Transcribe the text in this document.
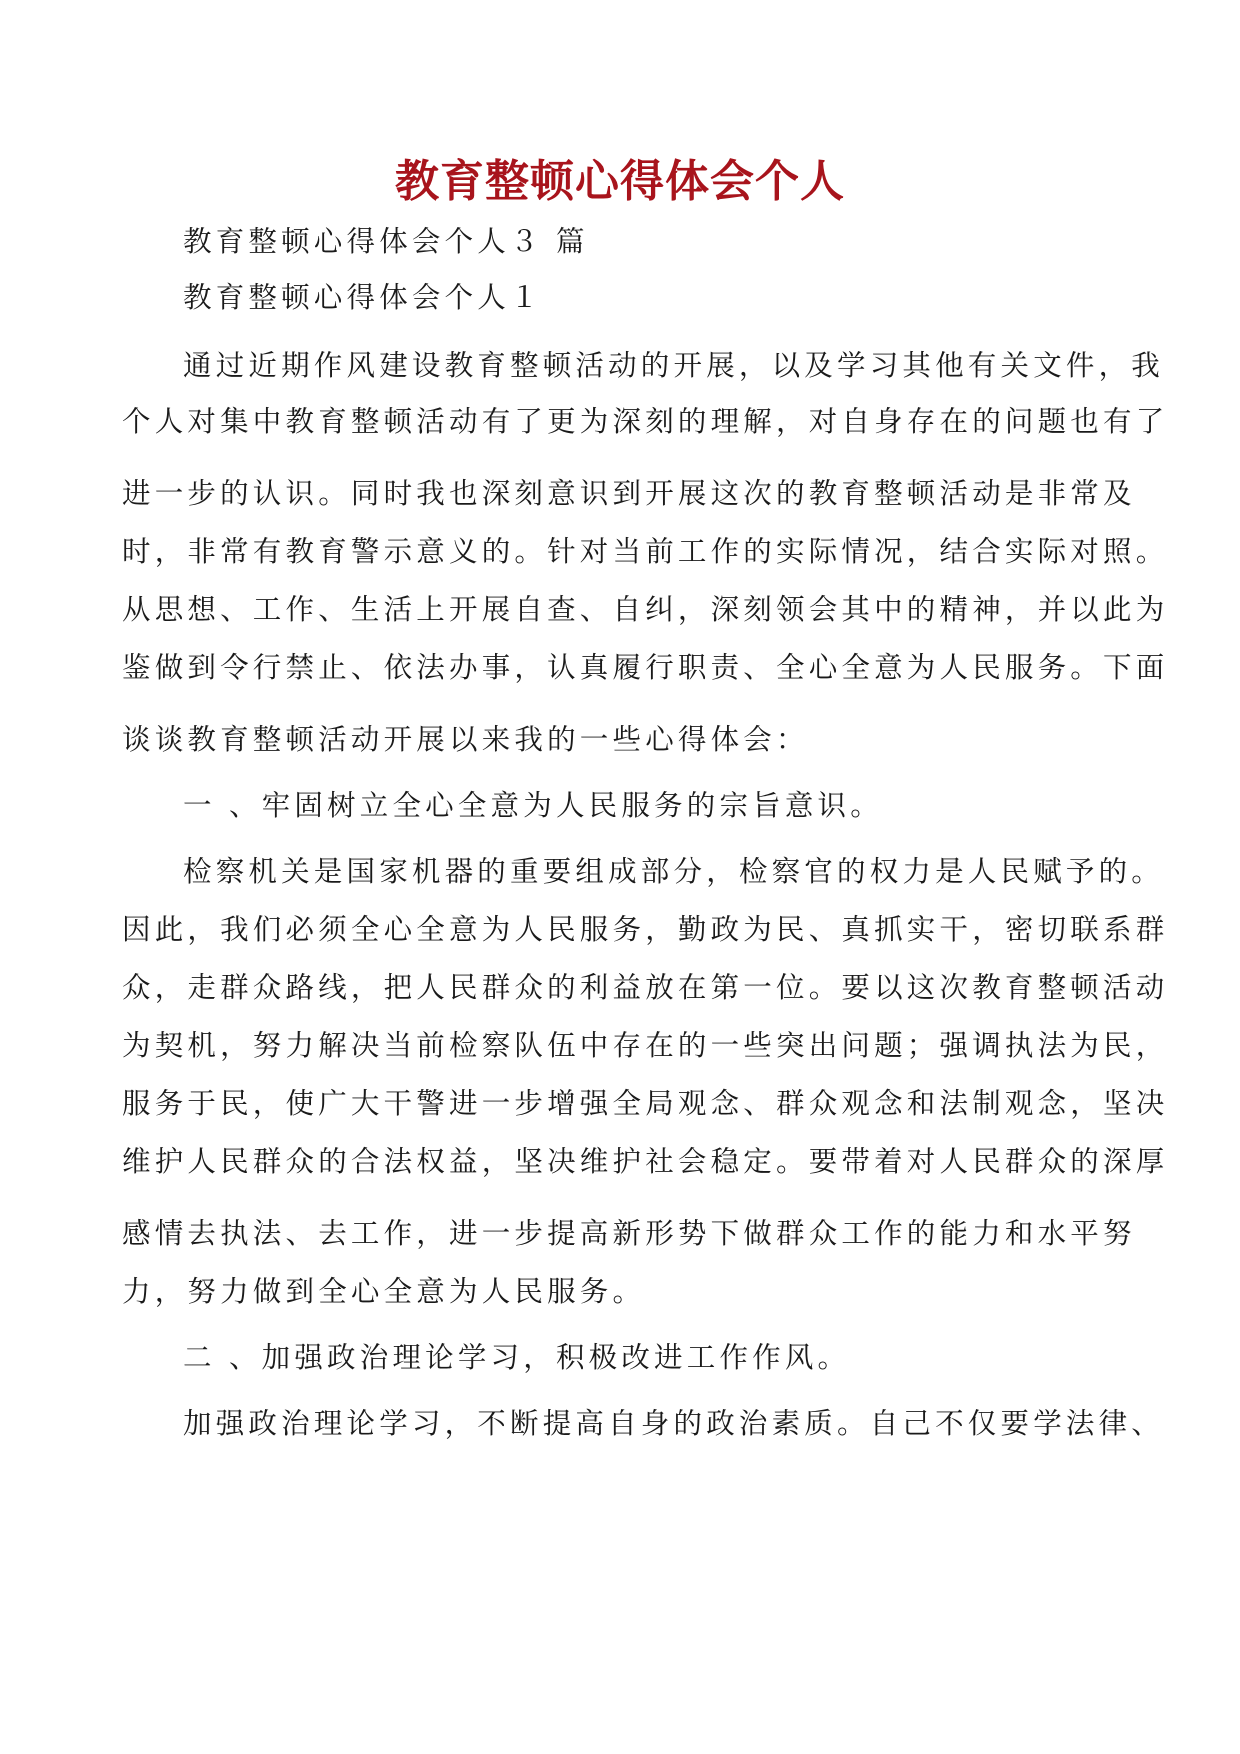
教育整顿心得体会个人
教育整顿心得体会个人３ 篇
教育整顿心得体会个人１
通过近期作风建设教育整顿活动的开展，以及学习其他有关文件，我
个人对集中教育整顿活动有了更为深刻的理解，对自身存在的问题也有了
进一步的认识。同时我也深刻意识到开展这次的教育整顿活动是非常及
时，非常有教育警示意义的。针对当前工作的实际情况，结合实际对照。
从思想、工作、生活上开展自查、自纠，深刻领会其中的精神，并以此为
鉴做到令行禁止、依法办事，认真履行职责、全心全意为人民服务。下面
谈谈教育整顿活动开展以来我的一些心得体会：
一 、牢固树立全心全意为人民服务的宗旨意识。
检察机关是国家机器的重要组成部分，检察官的权力是人民赋予的。
因此，我们必须全心全意为人民服务，勤政为民、真抓实干，密切联系群
众，走群众路线，把人民群众的利益放在第一位。要以这次教育整顿活动
为契机，努力解决当前检察队伍中存在的一些突出问题；强调执法为民，
服务于民，使广大干警进一步增强全局观念、群众观念和法制观念，坚决
维护人民群众的合法权益，坚决维护社会稳定。要带着对人民群众的深厚
感情去执法、去工作，进一步提高新形势下做群众工作的能力和水平努
力，努力做到全心全意为人民服务。
二 、加强政治理论学习，积极改进工作作风。
加强政治理论学习，不断提高自身的政治素质。自己不仅要学法律、
